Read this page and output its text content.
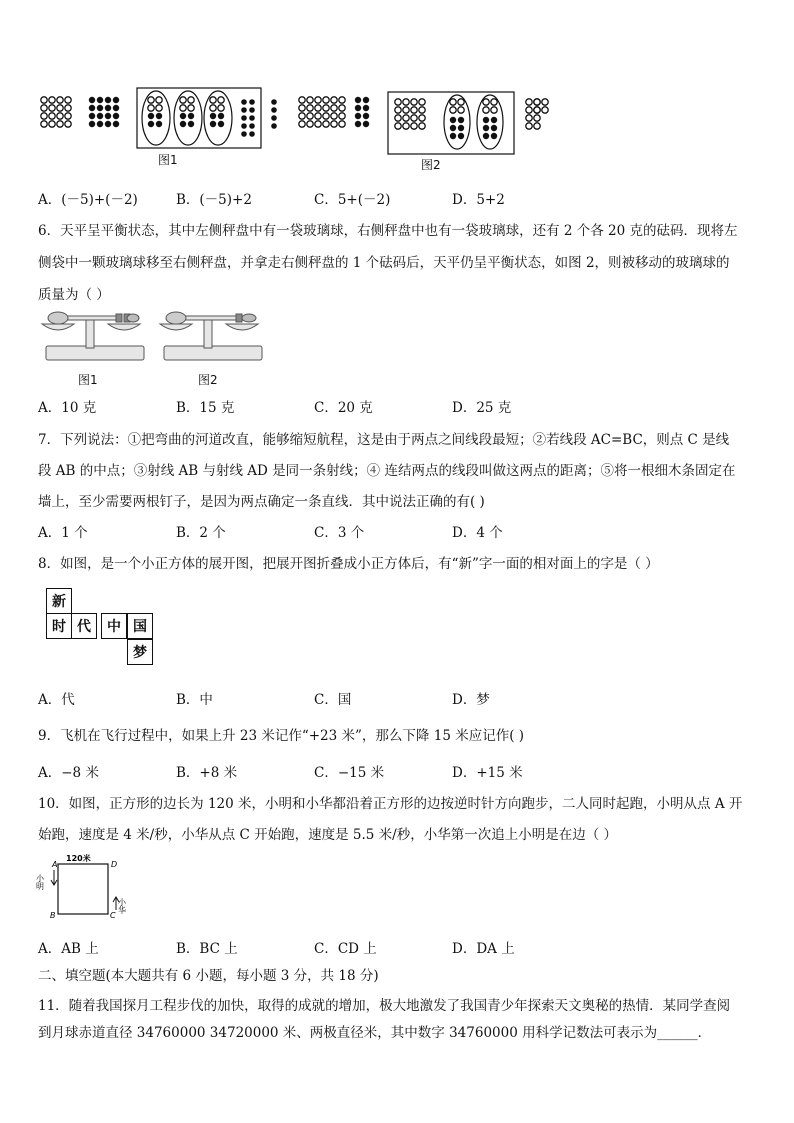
图1	图2
A．(－5)+(－2)	B．(－5)+2	C．5+(－2)	D．5+2
6．天平呈平衡状态，其中左侧秤盘中有一袋玻璃球，右侧秤盘中也有一袋玻璃球，还有 2 个各 20 克的砝码．现将左
侧袋中一颗玻璃球移至右侧秤盘，并拿走右侧秤盘的 1 个砝码后，天平仍呈平衡状态，如图 2，则被移动的玻璃球的
质量为（ ）
图1	图2
A．10 克	B．15 克	C．20 克	D．25 克
7．下列说法：①把弯曲的河道改直，能够缩短航程，这是由于两点之间线段最短；②若线段 AC=BC，则点 C 是线
段 AB 的中点；③射线 AB 与射线 AD 是同一条射线；④ 连结两点的线段叫做这两点的距离；⑤将一根细木条固定在
墙上，至少需要两根钉子，是因为两点确定一条直线．其中说法正确的有( )
A．1 个	B．2 个	C．3 个	D．4 个
8．如图，是一个小正方体的展开图，把展开图折叠成小正方体后，有“新”字一面的相对面上的字是（ ）
新
时 代	中 国
梦
A．代	B．中	C．国	D．梦
9．飞机在飞行过程中，如果上升 23 米记作“+23 米”，那么下降 15 米应记作( )
A．−8 米	B．+8 米	C．−15 米	D．+15 米
10．如图，正方形的边长为 120 米，小明和小华都沿着正方形的边按逆时针方向跑步，二人同时起跑，小明从点 A 开
始跑，速度是 4 米/秒，小华从点 C 开始跑，速度是 5.5 米/秒，小华第一次追上小明是在边（ ）
120米
A
B	C
D
小明
小华
A．AB 上	B．BC 上	C．CD 上	D．DA 上
二、填空题(本大题共有 6 小题，每小题 3 分，共 18 分)
11．随着我国探月工程步伐的加快，取得的成就的增加，极大地激发了我国青少年探索天文奥秘的热情．某同学查阅
到月球赤道直径 34760000 34720000 米、两极直径米，其中数字 34760000 用科学记数法可表示为______．
